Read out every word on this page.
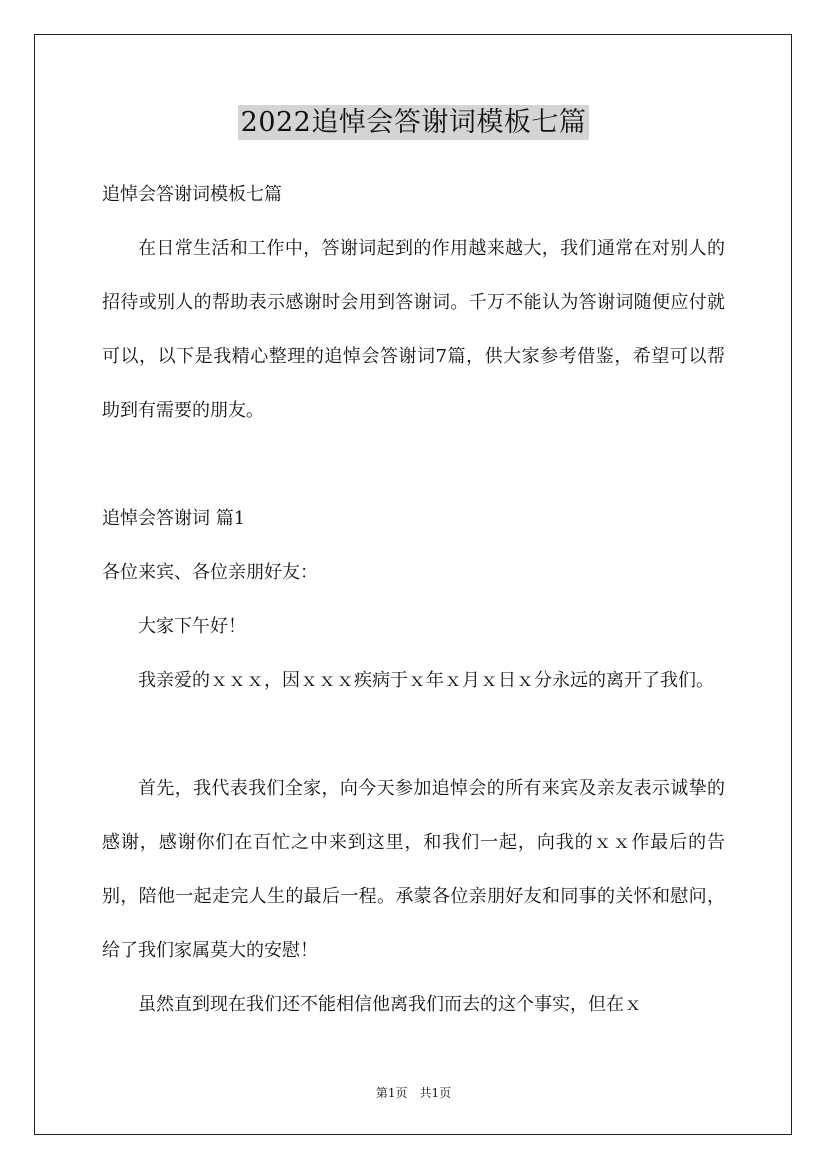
2022追悼会答谢词模板七篇

追悼会答谢词模板七篇

在日常生活和工作中，答谢词起到的作用越来越大，我们通常在对别人的招待或别人的帮助表示感谢时会用到答谢词。千万不能认为答谢词随便应付就可以，以下是我精心整理的追悼会答谢词7篇，供大家参考借鉴，希望可以帮助到有需要的朋友。

追悼会答谢词 篇1

各位来宾、各位亲朋好友：

大家下午好！

我亲爱的ｘｘｘ，因ｘｘｘ疾病于ｘ年ｘ月ｘ日ｘ分永远的离开了我们。

首先，我代表我们全家，向今天参加追悼会的所有来宾及亲友表示诚挚的感谢，感谢你们在百忙之中来到这里，和我们一起，向我的ｘｘ作最后的告别，陪他一起走完人生的最后一程。承蒙各位亲朋好友和同事的关怀和慰问，给了我们家属莫大的安慰！

虽然直到现在我们还不能相信他离我们而去的这个事实，但在ｘ

第1页　共1页
